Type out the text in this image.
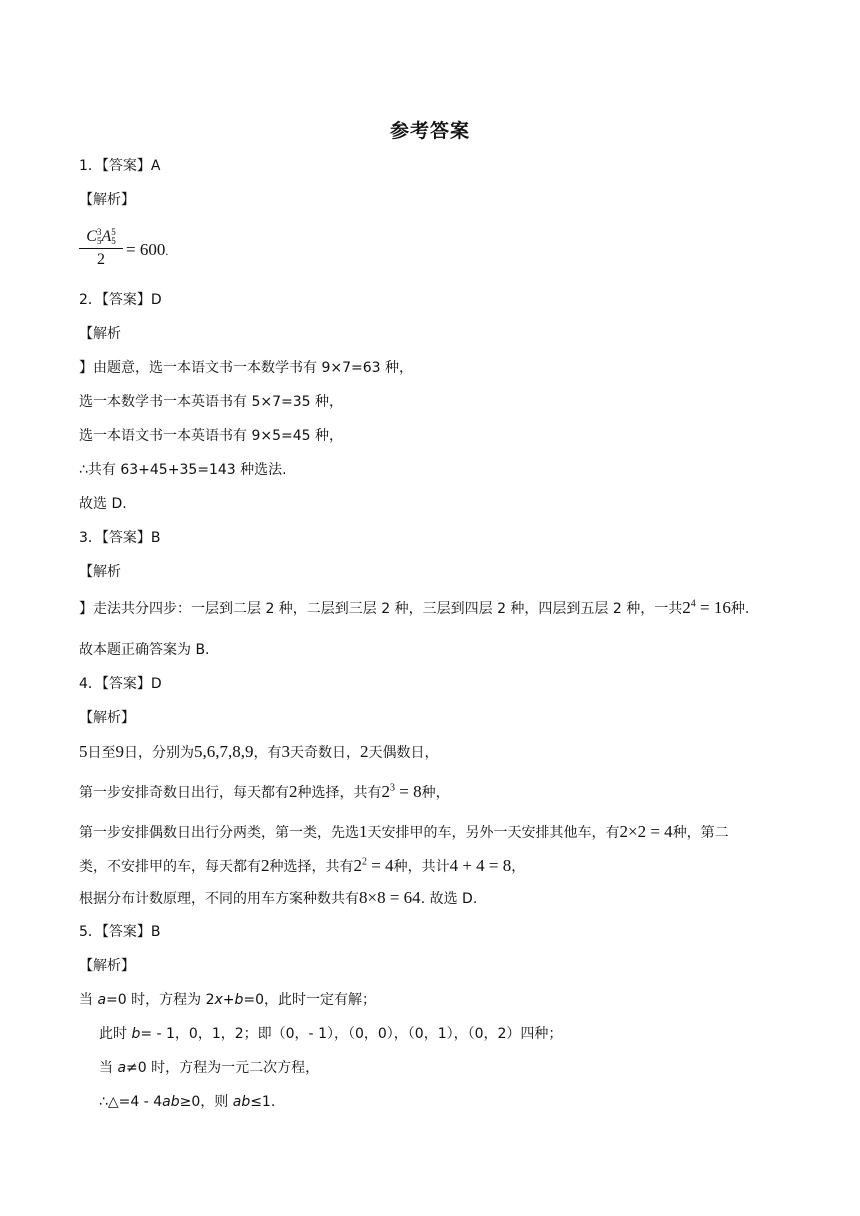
参考答案
1．【答案】A
【解析】
C 3
5 A 5
5
2 = 600.
2．【答案】D
【解析
】由题意，选一本语文书一本数学书有 9×7=63 种，
选一本数学书一本英语书有 5×7=35 种，
选一本语文书一本英语书有 9×5=45 种，
∴共有 63+45+35=143 种选法.
故选 D.
3．【答案】B
【解析
】走法共分四步：一层到二层 2 种，二层到三层 2 种，三层到四层 2 种，四层到五层 2 种，一共$2^4 = 16$种.
故本题正确答案为 B.
4．【答案】D
【解析】
5日至9日，分别为5,6,7,8,9，有3天奇数日，2天偶数日，
第一步安排奇数日出行，每天都有2种选择，共有$2^3 = 8$种，
第一步安排偶数日出行分两类，第一类，先选1天安排甲的车，另外一天安排其他车，有2×2 = 4种，第二
类，不安排甲的车，每天都有2种选择，共有$2^2 = 4$种，共计4 + 4 = 8，
根据分布计数原理，不同的用车方案种数共有8×8 = 64. 故选 D.
5．【答案】B
【解析】
当 a=0 时，方程为 2x+b=0，此时一定有解；
此时 b= - 1，0，1，2；即（0，- 1），（0，0），（0，1），（0，2）四种；
当 a≠0 时，方程为一元二次方程，
∴△=4 - 4ab≥0，则 ab≤1.
